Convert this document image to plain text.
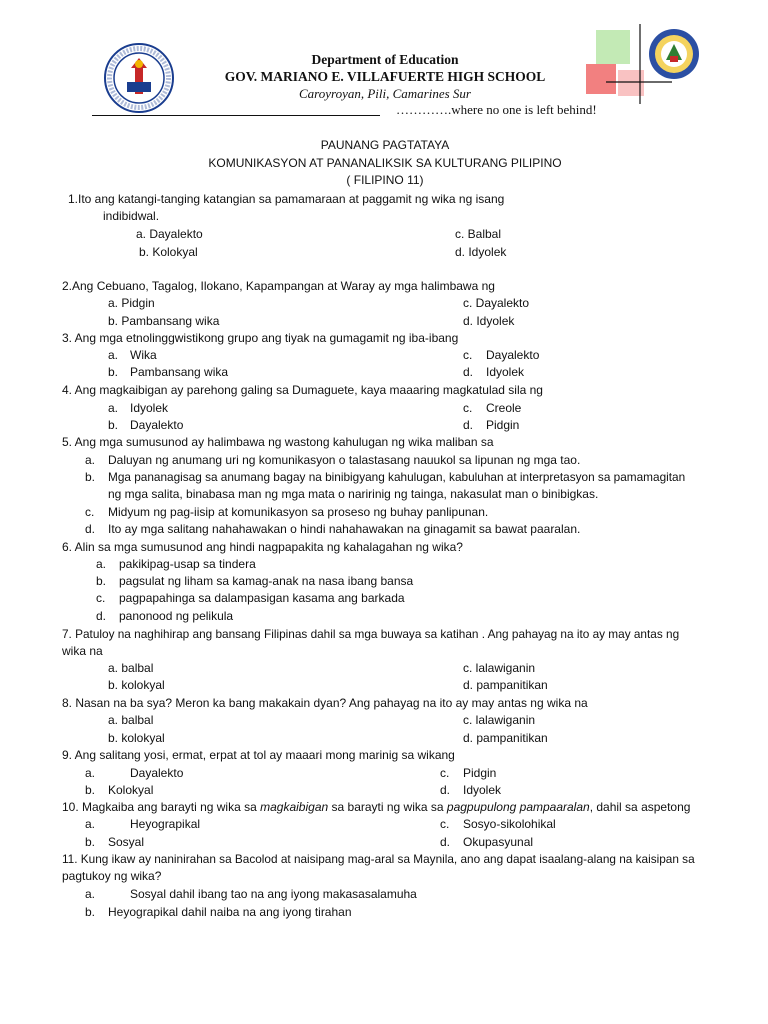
Department of Education
GOV. MARIANO E. VILLAFUERTE HIGH SCHOOL
Caroyroyan, Pili, Camarines Sur
………….where no one is left behind!
PAUNANG PAGTATAYA
KOMUNIKASYON AT PANANALIKSIK SA KULTURANG PILIPINO
( FILIPINO 11)
1.Ito ang katangi-tanging katangian sa pamamaraan at paggamit ng wika ng isang
indibidwal.
a. Dayalekto	c. Balbal
b. Kolokyal	d. Idyolek
2.Ang Cebuano, Tagalog, Ilokano, Kapampangan at Waray ay mga halimbawa ng
a. Pidgin	c. Dayalekto
b. Pambansang wika	d. Idyolek
3. Ang mga etnolinggwistikong grupo ang tiyak na gumagamit ng iba-ibang
a. Wika	c. Dayalekto
b. Pambansang wika	d. Idyolek
4. Ang magkaibigan ay parehong galing sa Dumaguete, kaya maaaring magkatulad sila ng
a. Idyolek	c. Creole
b. Dayalekto	d. Pidgin
5. Ang mga sumusunod ay halimbawa ng wastong kahulugan ng wika maliban sa
a. Daluyan ng anumang uri ng komunikasyon o talastasang nauukol sa lipunan ng mga tao.
b. Mga pananagisag sa anumang bagay na binibigyang kahulugan, kabuluhan at interpretasyon sa pamamagitan
ng mga salita, binabasa man ng mga mata o naririnig ng tainga, nakasulat man o binibigkas.
c. Midyum ng pag-iisip at komunikasyon sa proseso ng buhay panlipunan.
d. Ito ay mga salitang nahahawakan o hindi nahahawakan na ginagamit sa bawat paaralan.
6. Alin sa mga sumusunod ang hindi nagpapakita ng kahalagahan ng wika?
a. pakikipag-usap sa tindera
b. pagsulat ng liham sa kamag-anak na nasa ibang bansa
c. pagpapahinga sa dalampasigan kasama ang barkada
d. panonood ng pelikula
7. Patuloy na naghihirap ang bansang Filipinas dahil sa mga buwaya sa katihan . Ang pahayag na ito ay may antas ng
wika na
a. balbal	c. lalawiganin
b. kolokyal	d. pampanitikan
8. Nasan na ba sya? Meron ka bang makakain dyan? Ang pahayag na ito ay may antas ng wika na
a. balbal	c. lalawiganin
b. kolokyal	d. pampanitikan
9. Ang salitang yosi, ermat, erpat at tol ay maaari mong marinig sa wikang
a.	Dayalekto	c. Pidgin
b. Kolokyal	d. Idyolek
10. Magkaiba ang barayti ng wika sa magkaibigan sa barayti ng wika sa pagpupulong pampaaralan, dahil sa aspetong
a.	Heyograpikal	c. Sosyo-sikolohikal
b. Sosyal	d. Okupasyunal
11. Kung ikaw ay naninirahan sa Bacolod at naisipang mag-aral sa Maynila, ano ang dapat isaalang-alang na kaisipan sa
pagtukoy ng wika?
a.	Sosyal dahil ibang tao na ang iyong makasasalamuha
b. Heyograpikal dahil naiba na ang iyong tirahan
